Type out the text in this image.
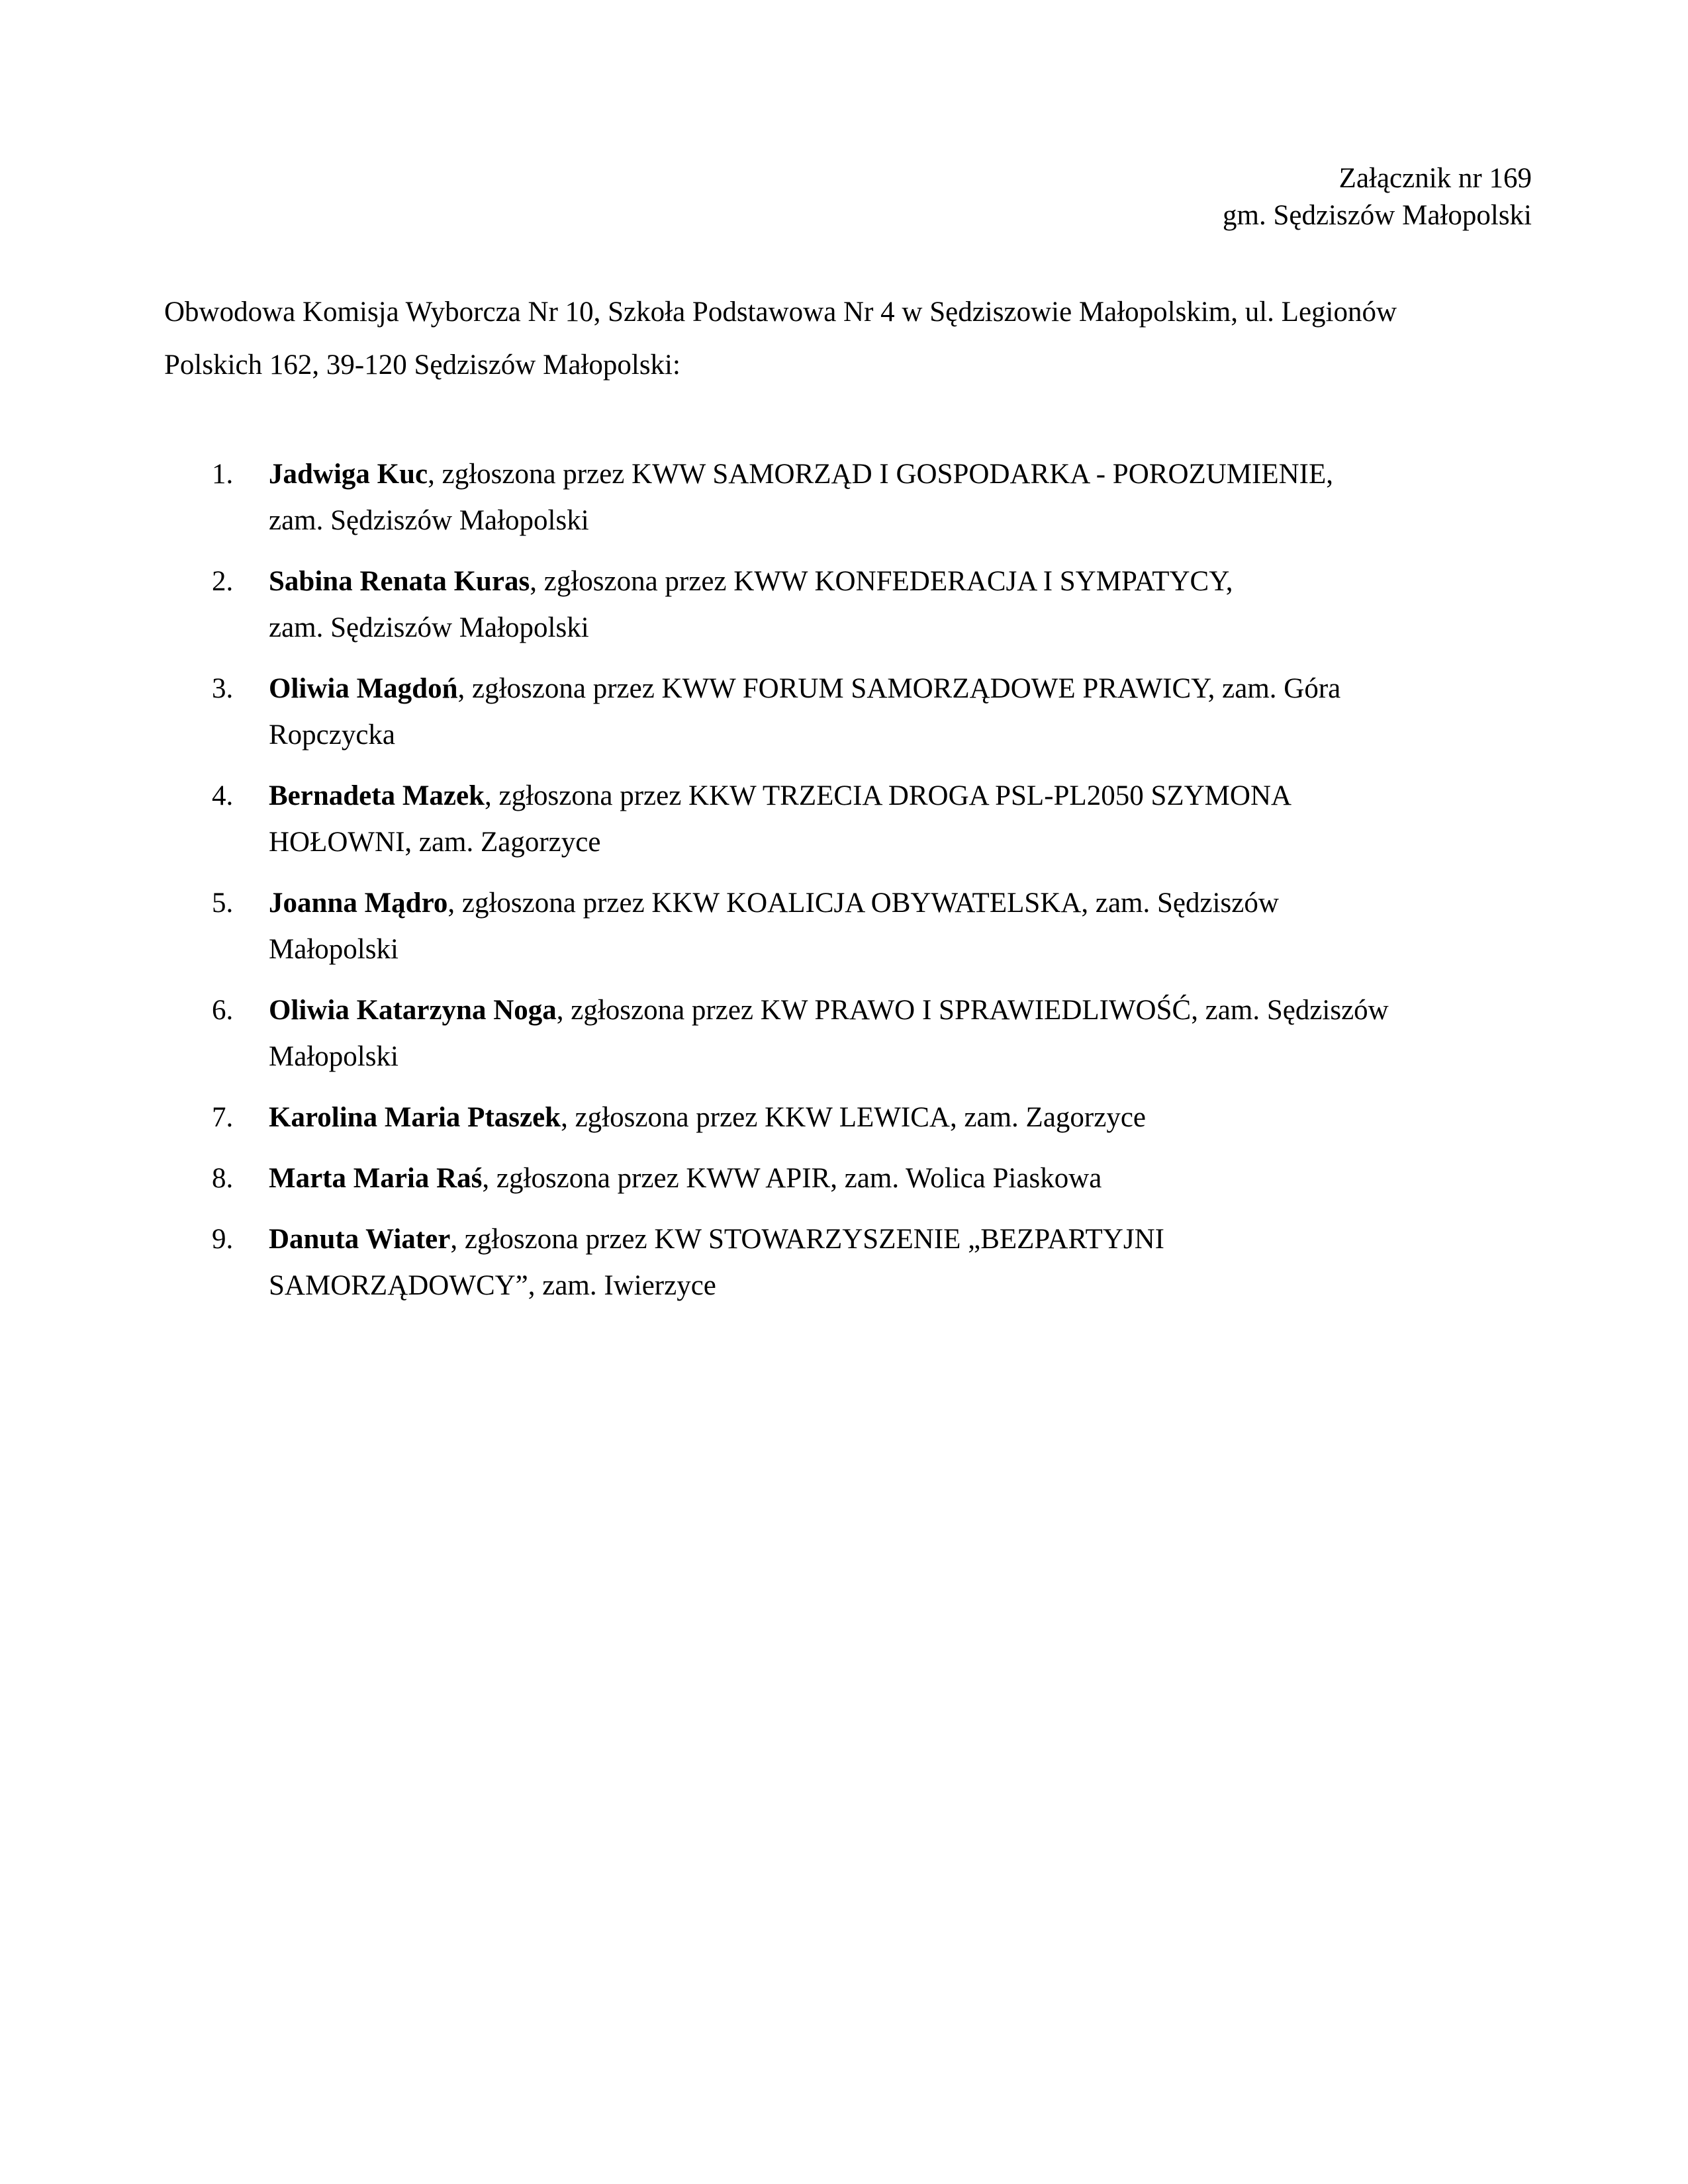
Załącznik nr 169
gm. Sędziszów Małopolski
Obwodowa Komisja Wyborcza Nr 10, Szkoła Podstawowa Nr 4 w Sędziszowie Małopolskim, ul. Legionów
Polskich 162, 39-120 Sędziszów Małopolski:
1.	Jadwiga Kuc, zgłoszona przez KWW SAMORZĄD I GOSPODARKA - POROZUMIENIE,
zam. Sędziszów Małopolski
2.	Sabina Renata Kuras, zgłoszona przez KWW KONFEDERACJA I SYMPATYCY,
zam. Sędziszów Małopolski
3.	Oliwia Magdoń, zgłoszona przez KWW FORUM SAMORZĄDOWE PRAWICY, zam. Góra
Ropczycka
4.	Bernadeta Mazek, zgłoszona przez KKW TRZECIA DROGA PSL-PL2050 SZYMONA
HOŁOWNI, zam. Zagorzyce
5.	Joanna Mądro, zgłoszona przez KKW KOALICJA OBYWATELSKA, zam. Sędziszów
Małopolski
6.	Oliwia Katarzyna Noga, zgłoszona przez KW PRAWO I SPRAWIEDLIWOŚĆ, zam. Sędziszów
Małopolski
7.	Karolina Maria Ptaszek, zgłoszona przez KKW LEWICA, zam. Zagorzyce
8.	Marta Maria Raś, zgłoszona przez KWW APIR, zam. Wolica Piaskowa
9.	Danuta Wiater, zgłoszona przez KW STOWARZYSZENIE „BEZPARTYJNI
SAMORZĄDOWCY”, zam. Iwierzyce
